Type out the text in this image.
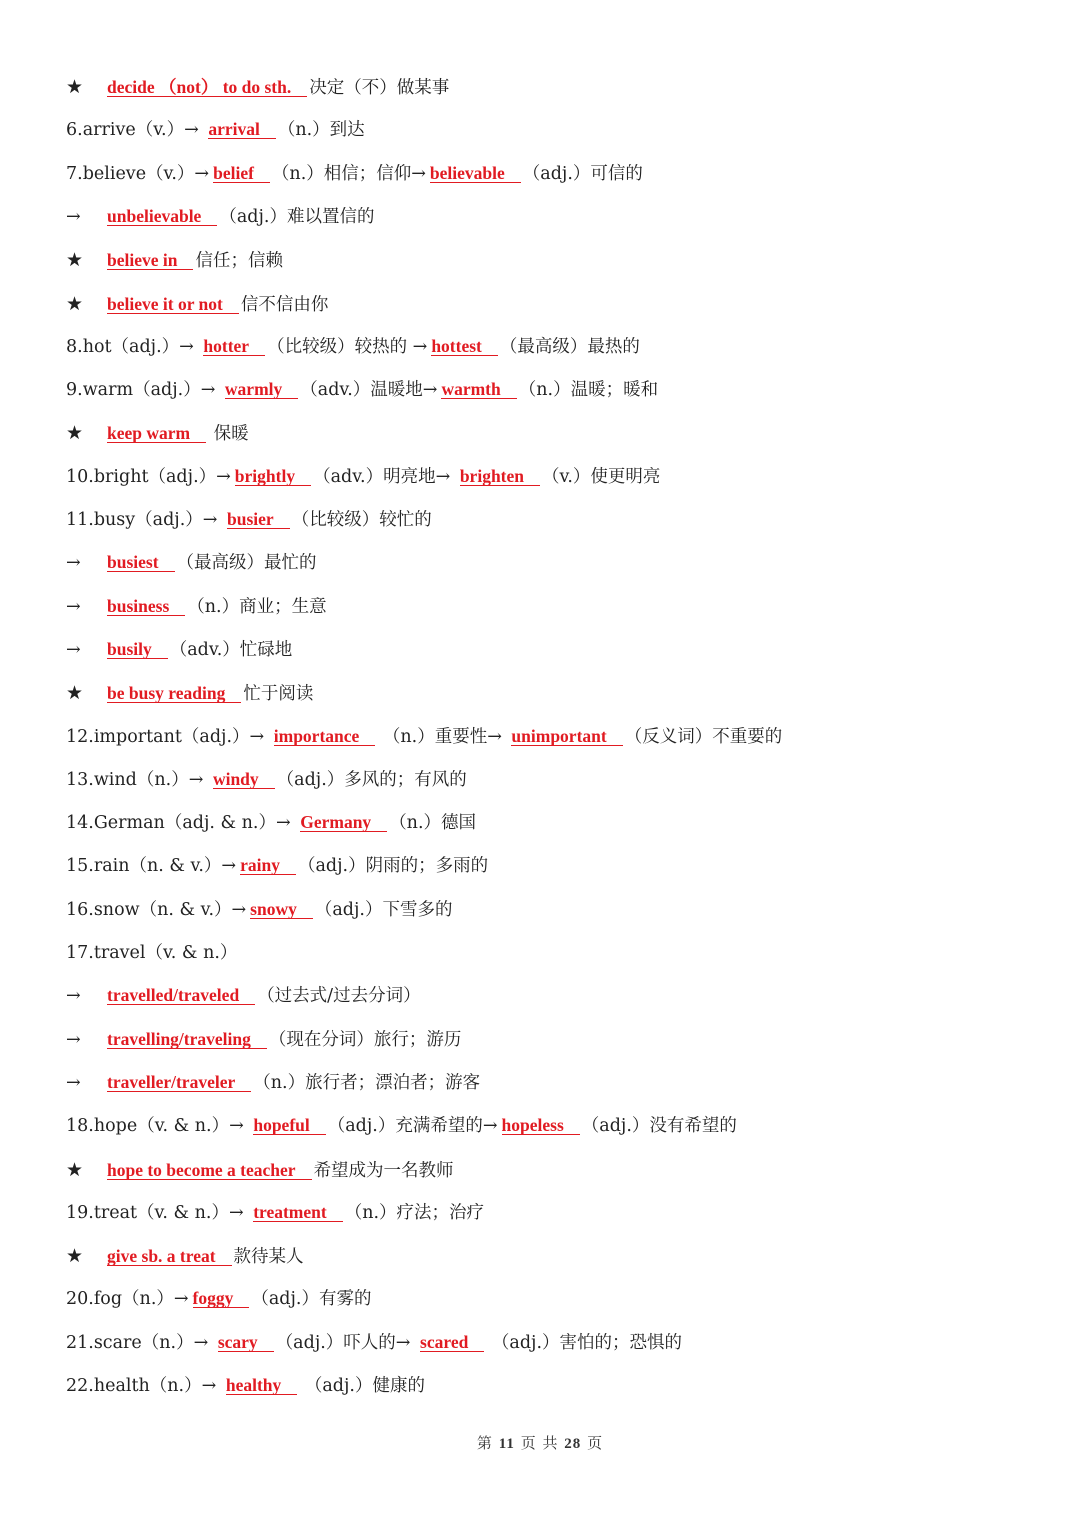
★ decide （not） to do sth. 决定（不）做某事
6.arrive（v.）→ arrival （n.）到达
7.believe（v.）→ belief （n.）相信；信仰→ believable （adj.）可信的
→ unbelievable （adj.）难以置信的
★ believe in 信任；信赖
★ believe it or not 信不信由你
8.hot（adj.）→ hotter （比较级）较热的 → hottest （最高级）最热的
9.warm（adj.）→ warmly （adv.）温暖地→ warmth （n.）温暖；暖和
★ keep warm 保暖
10.bright（adj.）→ brightly （adv.）明亮地→ brighten （v.）使更明亮
11.busy（adj.）→ busier （比较级）较忙的
→ busiest （最高级）最忙的
→ business （n.）商业；生意
→ busily （adv.）忙碌地
★ be busy reading 忙于阅读
12.important（adj.）→ importance （n.）重要性→ unimportant （反义词）不重要的
13.wind（n.）→ windy （adj.）多风的；有风的
14.German（adj. & n.）→ Germany （n.）德国
15.rain（n. & v.）→ rainy （adj.）阴雨的；多雨的
16.snow（n. & v.）→ snowy （adj.）下雪多的
17.travel（v. & n.）
→ travelled/traveled （过去式/过去分词）
→ travelling/traveling （现在分词）旅行；游历
→ traveller/traveler （n.）旅行者；漂泊者；游客
18.hope（v. & n.）→ hopeful （adj.）充满希望的→ hopeless （adj.）没有希望的
★ hope to become a teacher 希望成为一名教师
19.treat（v. & n.）→ treatment （n.）疗法；治疗
★ give sb. a treat 款待某人
20.fog（n.）→ foggy （adj.）有雾的
21.scare（n.）→ scary （adj.）吓人的→ scared （adj.）害怕的；恐惧的
22.health（n.）→ healthy （adj.）健康的
第 11 页 共 28 页
